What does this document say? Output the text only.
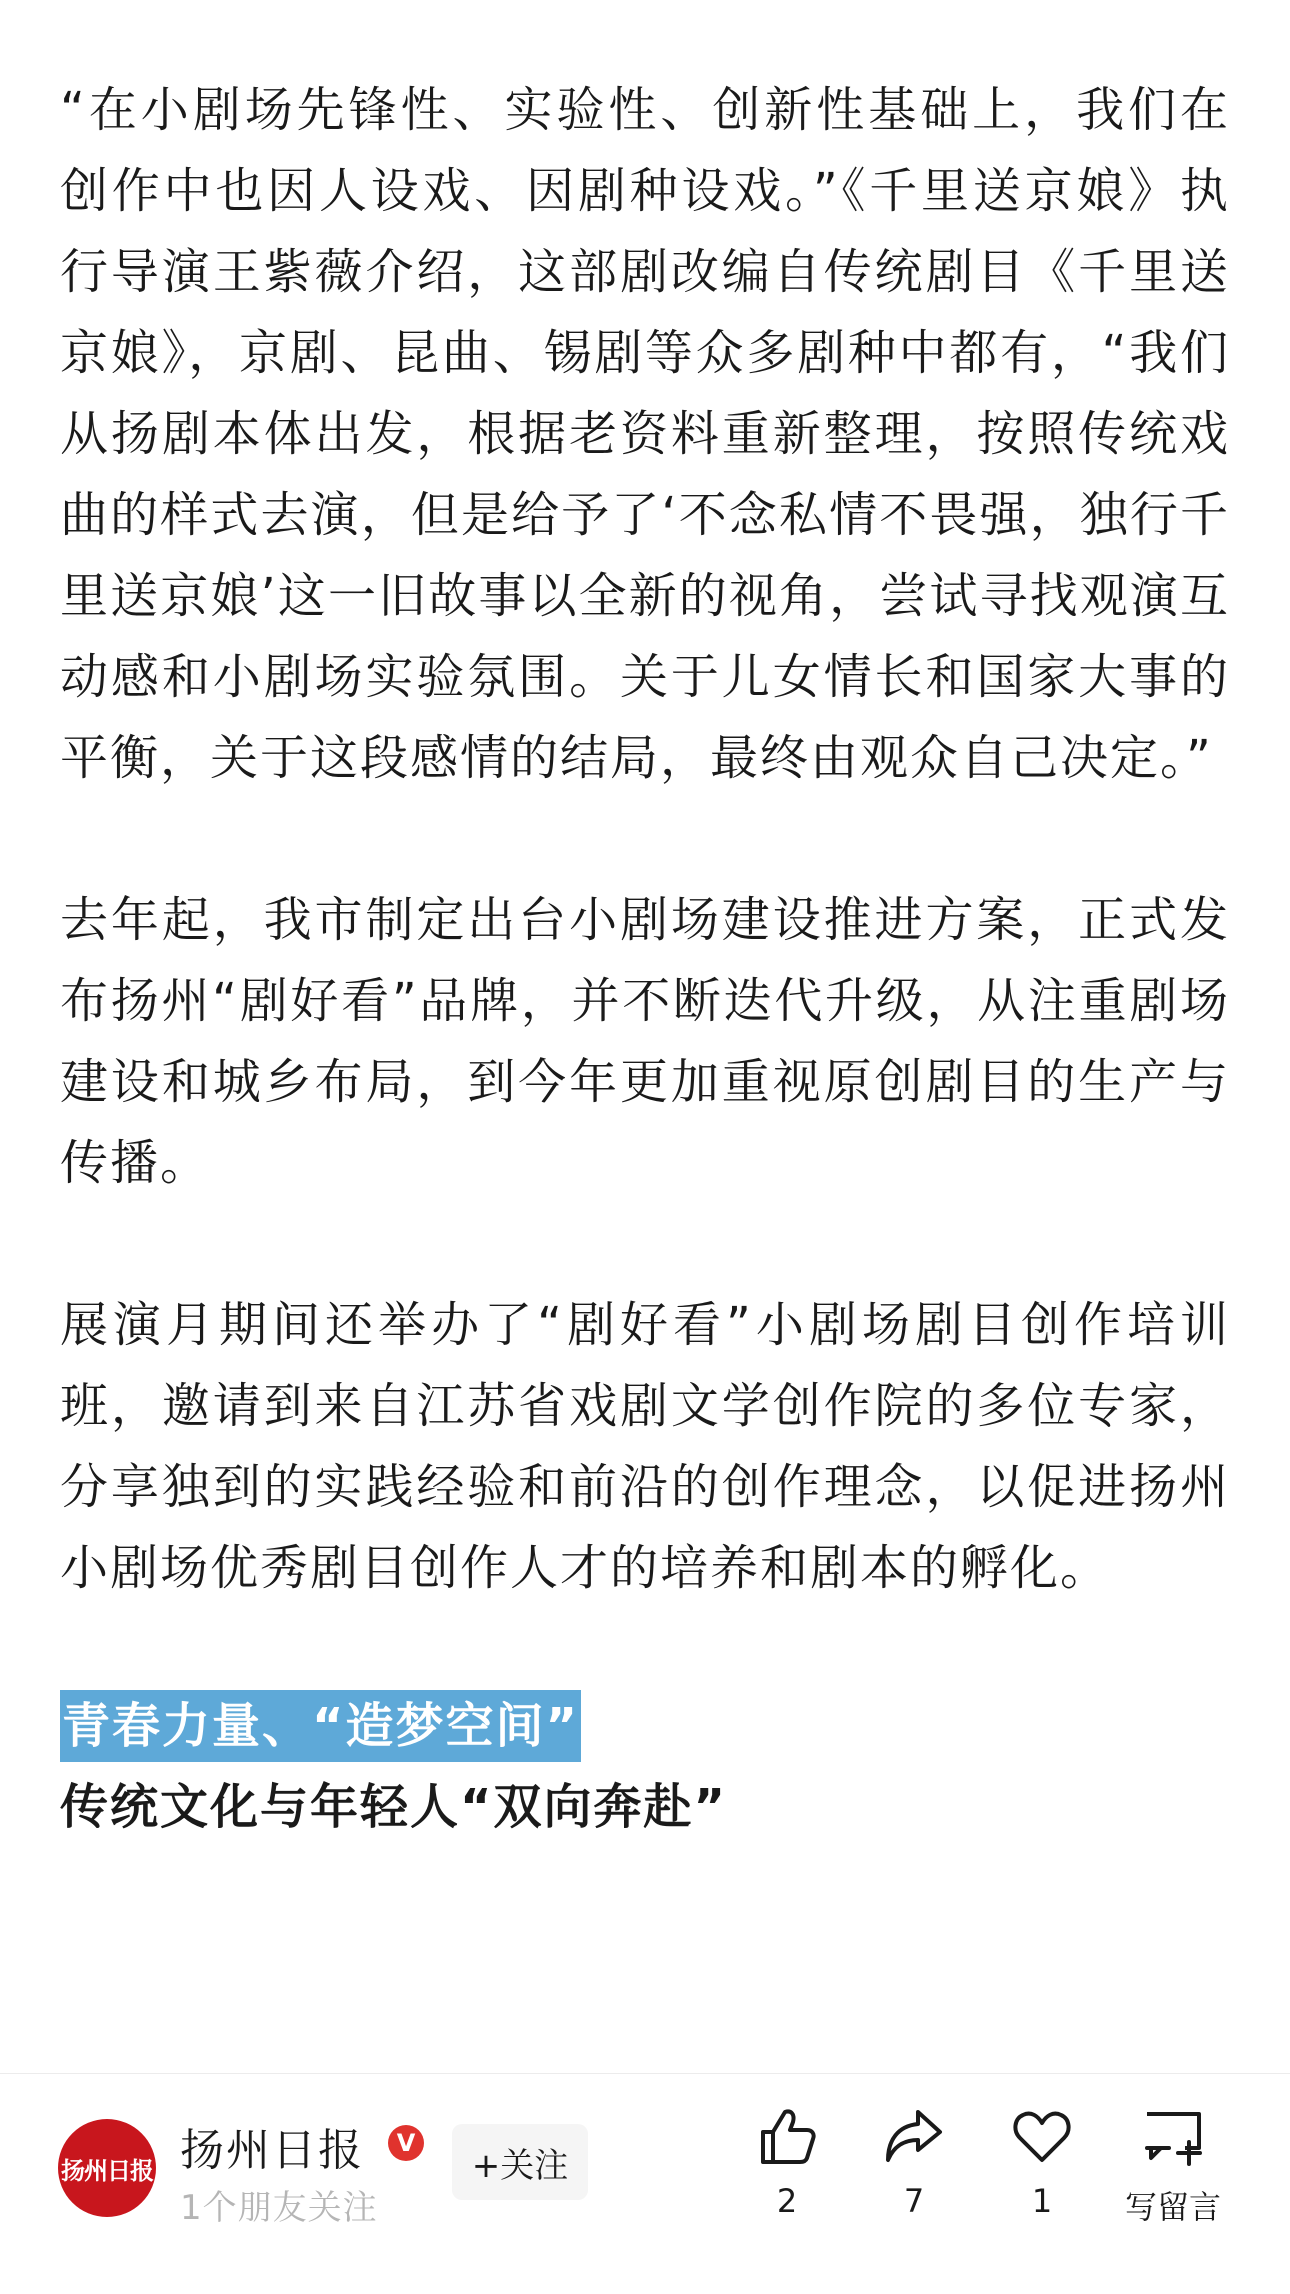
“在小剧场先锋性、实验性、创新性基础上，我们在创作中也因人设戏、因剧种设戏。”《千里送京娘》执行导演王紫薇介绍，这部剧改编自传统剧目《千里送京娘》，京剧、昆曲、锡剧等众多剧种中都有，“我们从扬剧本体出发，根据老资料重新整理，按照传统戏曲的样式去演，但是给予了‘不念私情不畏强，独行千里送京娘’这一旧故事以全新的视角，尝试寻找观演互动感和小剧场实验氛围。关于儿女情长和国家大事的平衡，关于这段感情的结局，最终由观众自己决定。”

去年起，我市制定出台小剧场建设推进方案，正式发布扬州“剧好看”品牌，并不断迭代升级，从注重剧场建设和城乡布局，到今年更加重视原创剧目的生产与传播。

展演月期间还举办了“剧好看”小剧场剧目创作培训班，邀请到来自江苏省戏剧文学创作院的多位专家，分享独到的实践经验和前沿的创作理念，以促进扬州小剧场优秀剧目创作人才的培养和剧本的孵化。

青春力量、“造梦空间”
传统文化与年轻人“双向奔赴”
扬州日报 扬州日报	V
1个朋友关注
+关注
2	7	1	写留言
